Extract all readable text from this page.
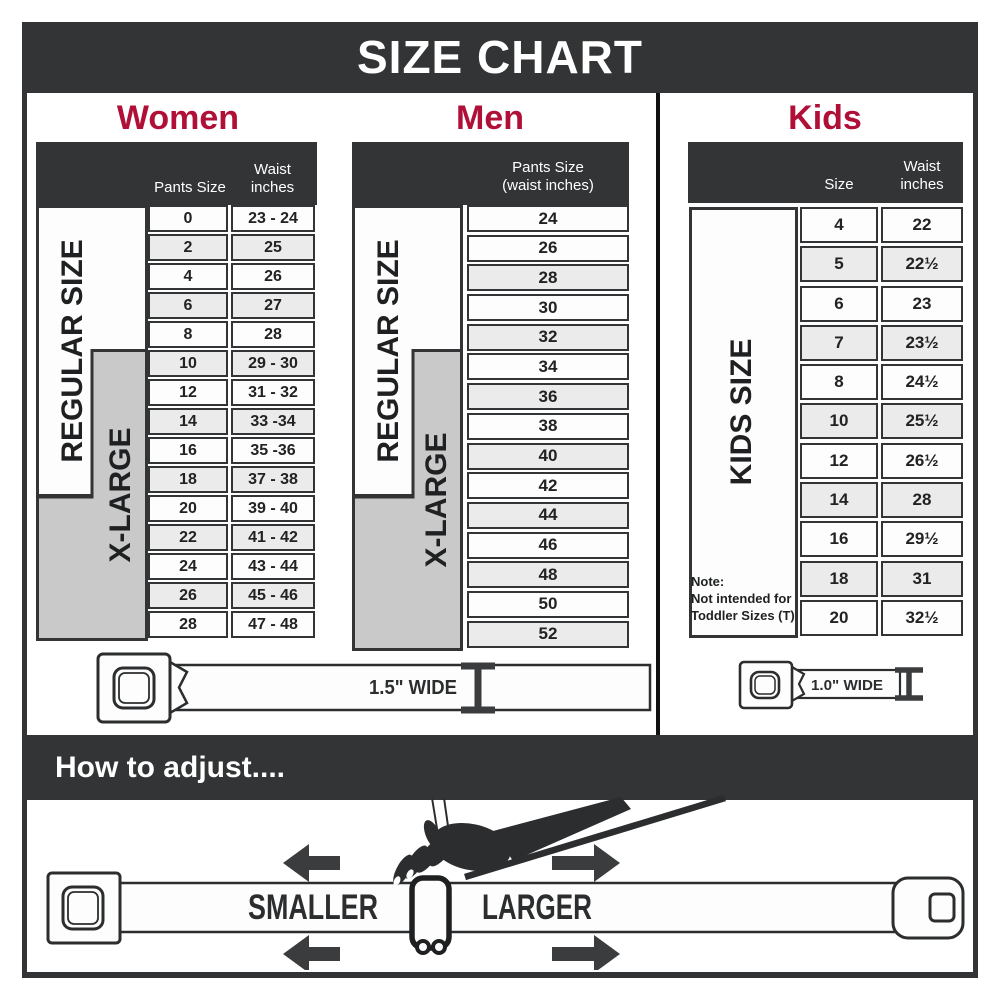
SIZE CHART
Women	Men	Kids
Pants Size
Waist
inches
Pants Size
(waist inches)	Size
Waist
inches
REGULAR SIZE
X-LARGE
REGULAR SIZE
X-LARGE
KIDS SIZE
Note:
Not intended for
Toddler Sizes (T)
0	23 - 24
2	25
4	26
6	27
8	28
10	29 - 30
12	31 - 32
14	33 -34
16	35 -36
18	37 - 38
20	39 - 40
22	41 - 42
24	43 - 44
26	45 - 46
28	47 - 48
24
26
28
30
32
34
36
38
40
42
44
46
48
50
52
4	22
5	22½
6	23
7	23½
8	24½
10	25½
12	26½
14	28
16	29½
18	31
20	32½
1.5" WIDE	1.0" WIDE
How to adjust....
SMALLER	LARGER
